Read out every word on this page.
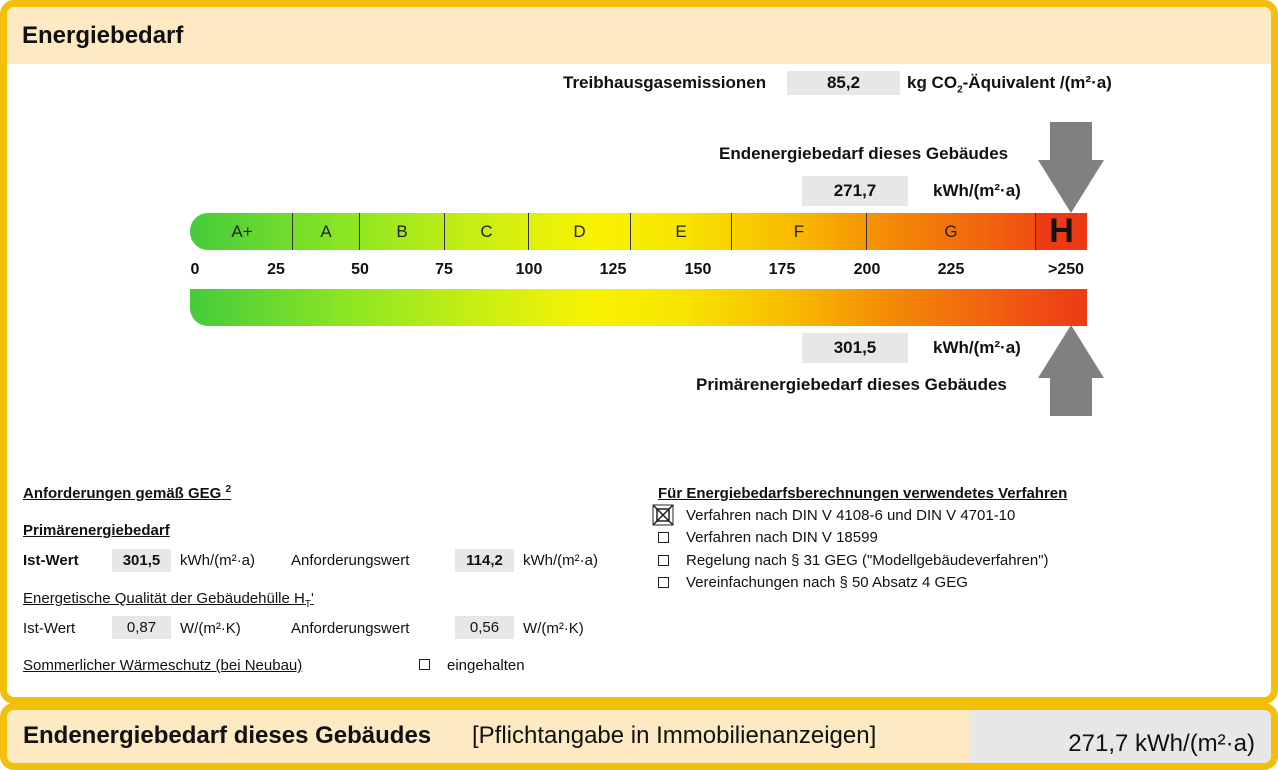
Energiebedarf
Treibhausgasemissionen	85,2	kg $CO_2$-Äquivalent /(m²·a)
Endenergiebedarf dieses Gebäudes
271,7	kWh/(m²·a)
A+	A	B	C	D	E	F	G	H
0	25	50	75	100	125	150	175	200	225	>250
301,5	kWh/(m²·a)
Primärenergiebedarf dieses Gebäudes
Anforderungen gemäß GEG $^2$
Primärenergiebedarf
Ist-Wert	301,5	kWh/(m²·a) Anforderungswert	114,2	kWh/(m²·a)
Energetische Qualität der Gebäudehülle $H_T'$
Ist-Wert	0,87	W/(m²·K)	Anforderungswert	0,56	W/(m²·K)
Sommerlicher Wärmeschutz (bei Neubau)	eingehalten
Für Energiebedarfsberechnungen verwendetes Verfahren
Verfahren nach DIN V 4108-6 und DIN V 4701-10
Verfahren nach DIN V 18599
Regelung nach § 31 GEG ("Modellgebäudeverfahren")
Vereinfachungen nach § 50 Absatz 4 GEG
Endenergiebedarf dieses Gebäudes [Pflichtangabe in Immobilienanzeigen]	271,7 kWh/(m²·a)
